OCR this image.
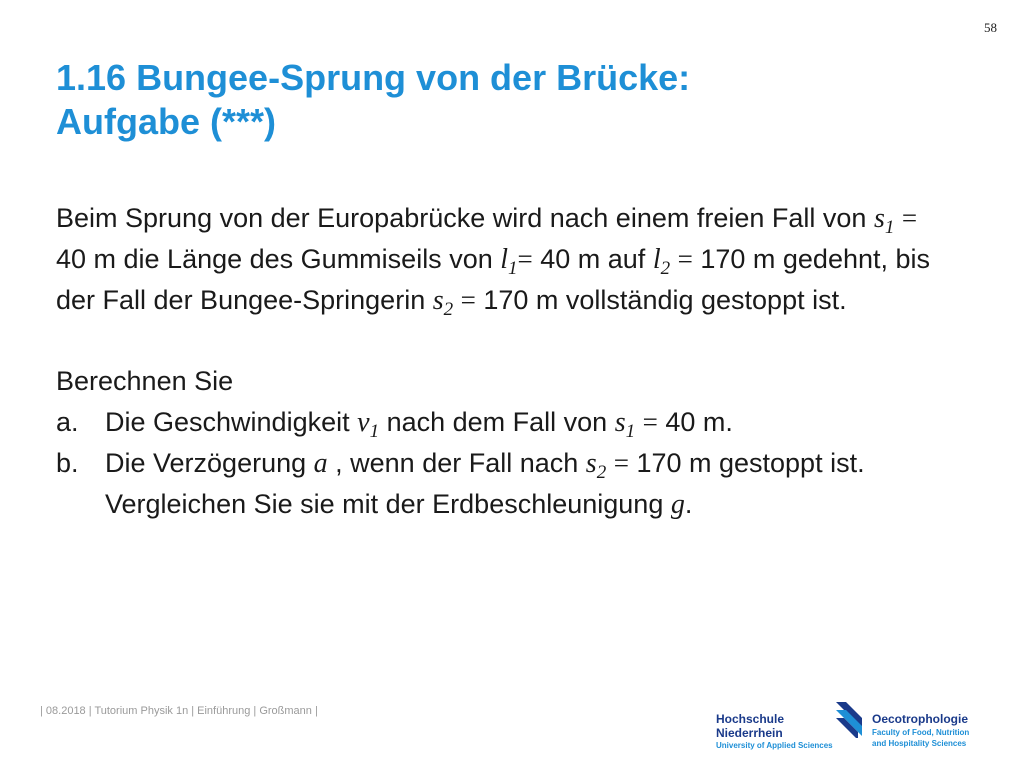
58
1.16 Bungee-Sprung von der Brücke:
Aufgabe (***)

Beim Sprung von der Europabrücke wird nach einem freien Fall von $s_1 = 40$ m die Länge des Gummiseils von $l_1= 40$ m auf $l_2 = 170$ m gedehnt, bis der Fall der Bungee-Springerin $s_2 = 170$ m vollständig gestoppt ist.

Berechnen Sie

a. Die Geschwindigkeit $v_1$ nach dem Fall von $s_1 = 40$ m.
b. Die Verzögerung a , wenn der Fall nach $s_2 = 170$ m gestoppt ist. Vergleichen Sie sie mit der Erdbeschleunigung g.
| 08.2018 | Tutorium Physik 1n | Einführung | Großmann |
Hochschule Niederrhein
University of Applied Sciences
Oecotrophologie
Faculty of Food, Nutrition
and Hospitality Sciences
